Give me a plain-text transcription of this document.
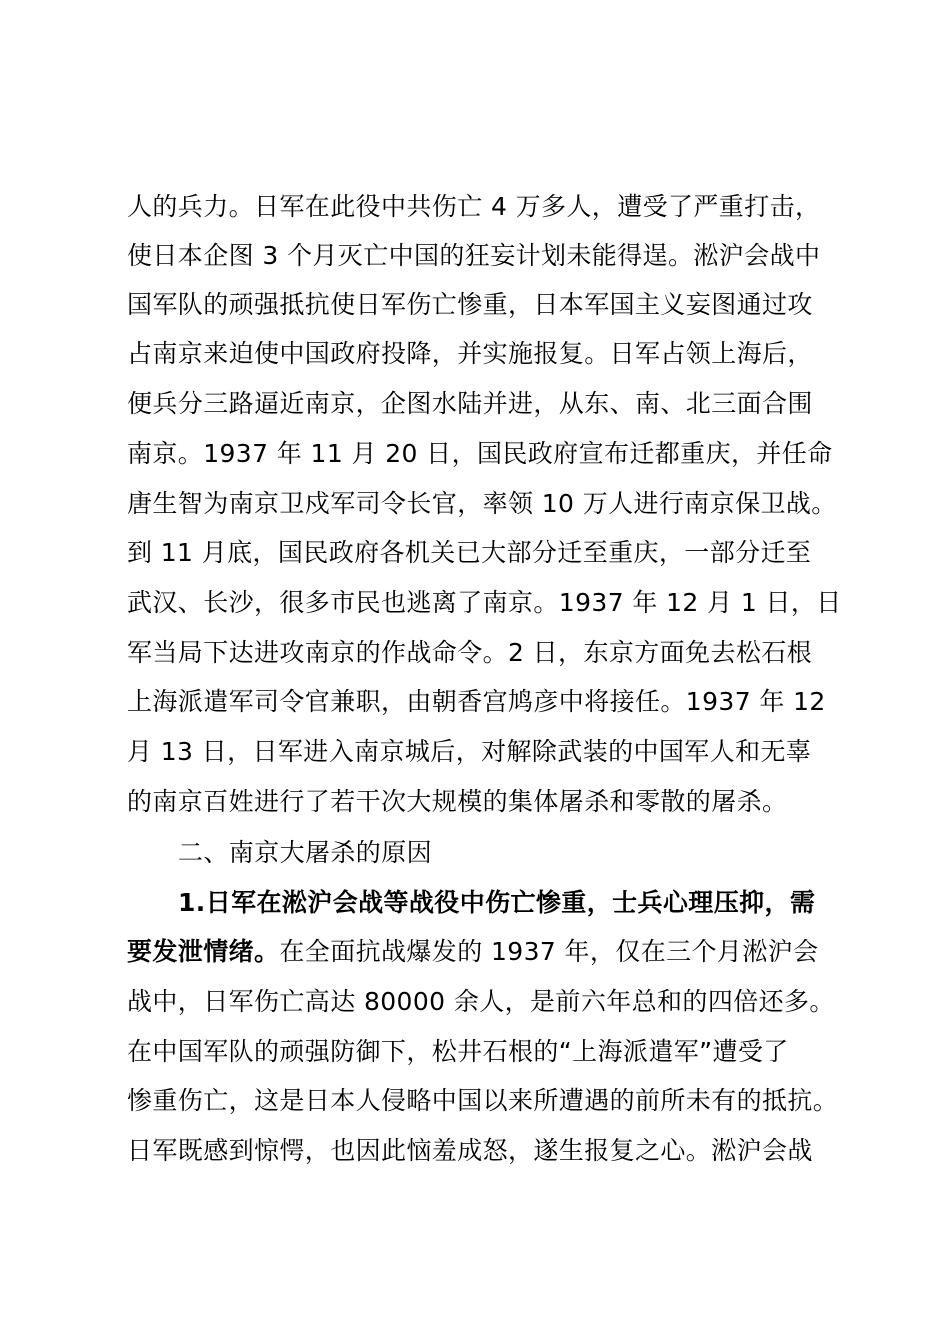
人的兵力。日军在此役中共伤亡 4 万多人，遭受了严重打击，
使日本企图 3 个月灭亡中国的狂妄计划未能得逞。淞沪会战中
国军队的顽强抵抗使日军伤亡惨重，日本军国主义妄图通过攻
占南京来迫使中国政府投降，并实施报复。日军占领上海后，
便兵分三路逼近南京，企图水陆并进，从东、南、北三面合围
南京。1937 年 11 月 20 日，国民政府宣布迁都重庆，并任命
唐生智为南京卫戍军司令长官，率领 10 万人进行南京保卫战。
到 11 月底，国民政府各机关已大部分迁至重庆，一部分迁至
武汉、长沙，很多市民也逃离了南京。1937 年 12 月 1 日，日
军当局下达进攻南京的作战命令。2 日，东京方面免去松石根
上海派遣军司令官兼职，由朝香宫鸠彦中将接任。1937 年 12
月 13 日，日军进入南京城后，对解除武装的中国军人和无辜
的南京百姓进行了若干次大规模的集体屠杀和零散的屠杀。
二、南京大屠杀的原因
1.日军在淞沪会战等战役中伤亡惨重，士兵心理压抑，需
要发泄情绪。在全面抗战爆发的 1937 年，仅在三个月淞沪会
战中，日军伤亡高达 80000 余人，是前六年总和的四倍还多。
在中国军队的顽强防御下，松井石根的“上海派遣军”遭受了
惨重伤亡，这是日本人侵略中国以来所遭遇的前所未有的抵抗。
日军既感到惊愕，也因此恼羞成怒，遂生报复之心。淞沪会战
